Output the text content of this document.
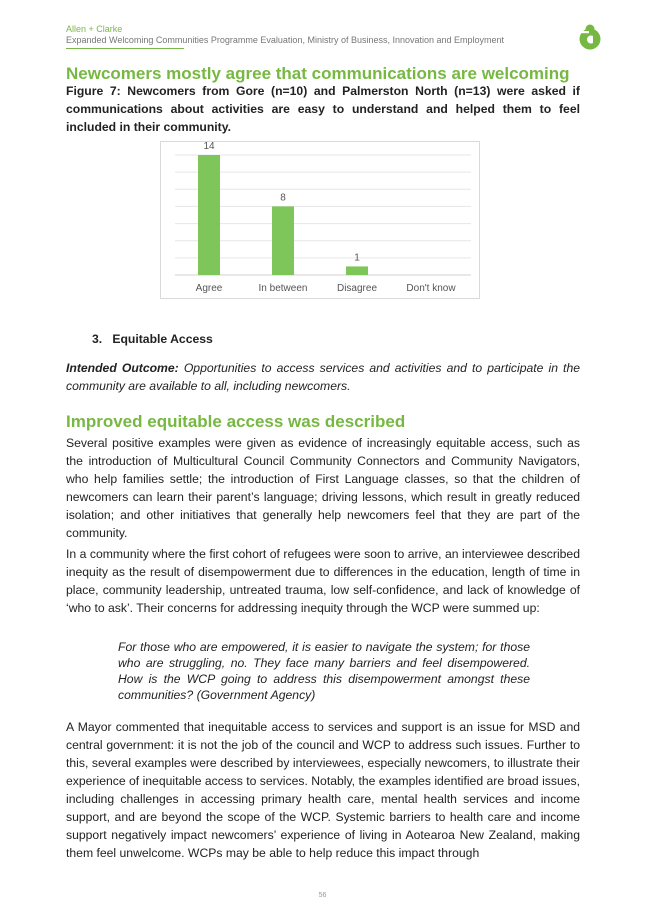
Allen + Clarke
Expanded Welcoming Communities Programme Evaluation, Ministry of Business, Innovation and Employment
Newcomers mostly agree that communications are welcoming

Figure 7: Newcomers from Gore (n=10) and Palmerston North (n=13) were asked if communications about activities are easy to understand and helped them to feel included in their community.

14
Agree
8
In between
1
Disagree	Don't know
3. Equitable Access

Intended Outcome: Opportunities to access services and activities and to participate in the community are available to all, including newcomers.

Improved equitable access was described

Several positive examples were given as evidence of increasingly equitable access, such as the introduction of Multicultural Council Community Connectors and Community Navigators, who help families settle; the introduction of First Language classes, so that the children of newcomers can learn their parent’s language; driving lessons, which result in greatly reduced isolation; and other initiatives that generally help newcomers feel that they are part of the community.

In a community where the first cohort of refugees were soon to arrive, an interviewee described inequity as the result of disempowerment due to differences in the education, length of time in place, community leadership, untreated trauma, low self-confidence, and lack of knowledge of ‘who to ask’. Their concerns for addressing inequity through the WCP were summed up:

For those who are empowered, it is easier to navigate the system; for those who are struggling, no. They face many barriers and feel disempowered. How is the WCP going to address this disempowerment amongst these communities? (Government Agency)

A Mayor commented that inequitable access to services and support is an issue for MSD and central government: it is not the job of the council and WCP to address such issues. Further to this, several examples were described by interviewees, especially newcomers, to illustrate their experience of inequitable access to services. Notably, the examples identified are broad issues, including challenges in accessing primary health care, mental health services and income support, and are beyond the scope of the WCP. Systemic barriers to health care and income support negatively impact newcomers’ experience of living in Aotearoa New Zealand, making them feel unwelcome. WCPs may be able to help reduce this impact through

56
